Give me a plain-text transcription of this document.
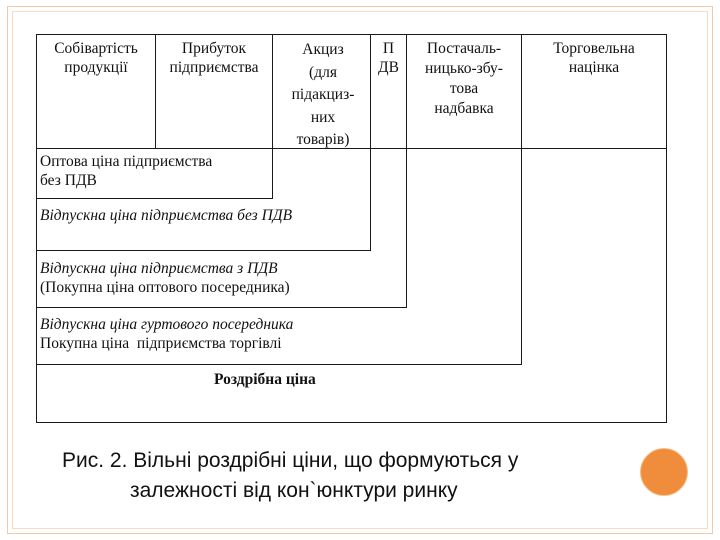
Собівартість
продукції
Прибуток
підприємства
Акциз
(для
підакциз-
них
товарів)
П
ДВ
Постачаль-
ницько-збу-
това
надбавка
Торговельна
націнка
Оптова ціна підприємства
без ПДВ
Відпускна ціна підприємства без ПДВ
Відпускна ціна підприємства з ПДВ
(Покупна ціна оптового посередника)
Відпускна ціна гуртового посередника
Покупна ціна  підприємства торгівлі
Роздрібна ціна
Рис. 2. Вільні роздрібні ціни, що формуються у
залежності від кон`юнктури ринку
